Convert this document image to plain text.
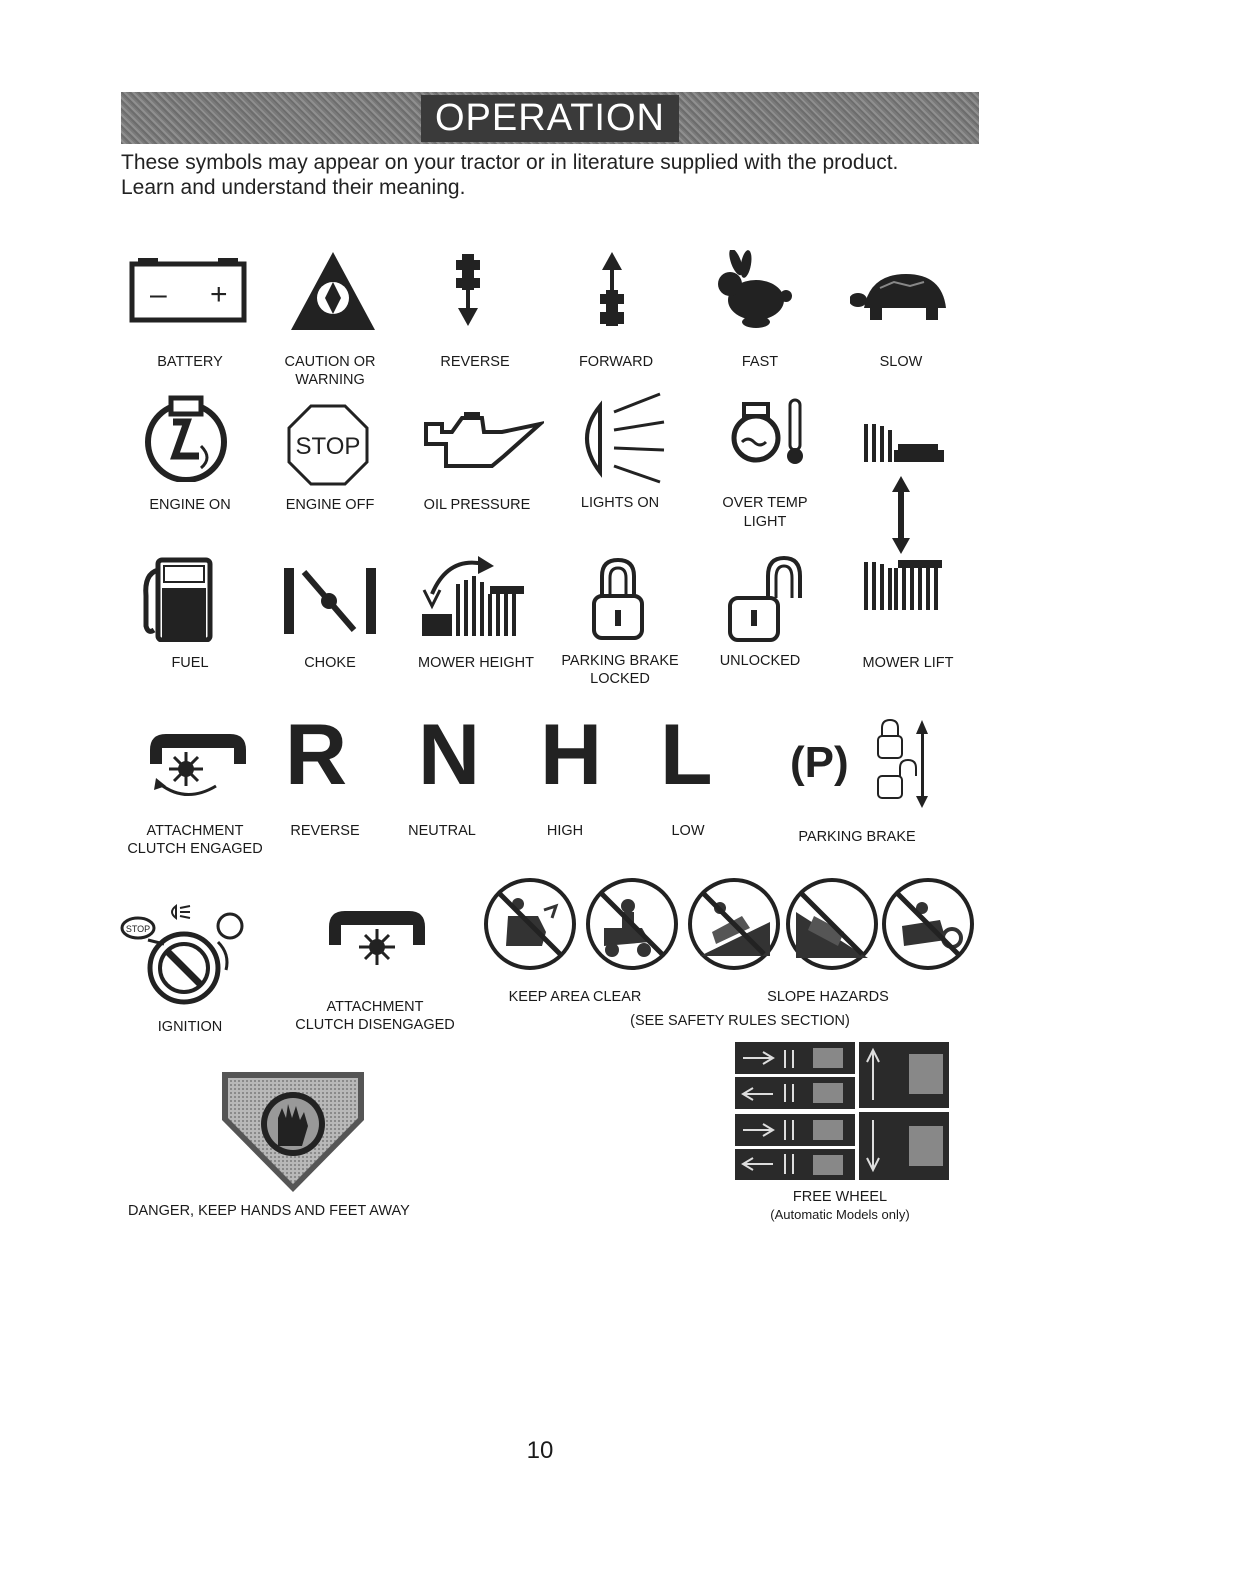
OPERATION
These symbols may appear on your tractor or in literature supplied with the product.
Learn and understand their meaning.
– +
BATTERY	CAUTION OR
WARNING
REVERSE	FORWARD	FAST	SLOW
STOP
ENGINE ON	ENGINE OFF	OIL PRESSURE	LIGHTS ON	OVER TEMP
LIGHT
FUEL	CHOKE	MOWER HEIGHT	PARKING BRAKE
LOCKED
UNLOCKED	MOWER LIFT
R N H L (P)
ATTACHMENT
CLUTCH ENGAGED
REVERSE	NEUTRAL	HIGH	LOW	PARKING BRAKE
STOP
IGNITION
ATTACHMENT
CLUTCH DISENGAGED
KEEP AREA CLEAR	SLOPE HAZARDS
(SEE SAFETY RULES SECTION)
DANGER, KEEP HANDS AND FEET AWAY
FREE WHEEL
(Automatic Models only)
10
